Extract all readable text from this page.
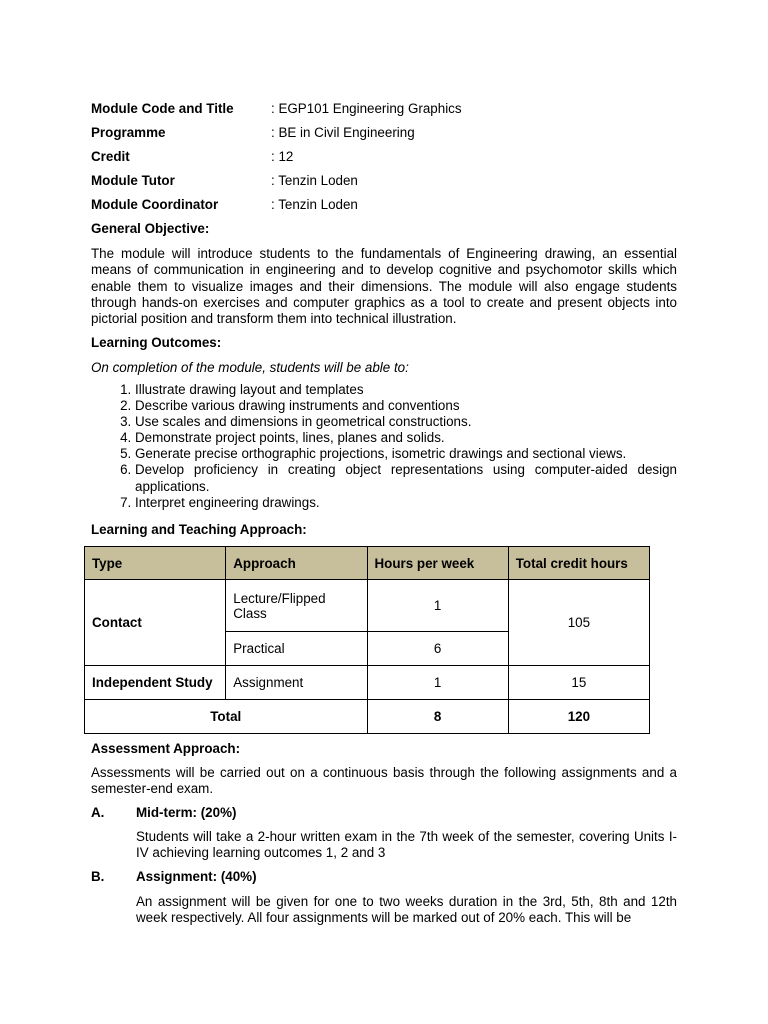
Module Code and Title	: EGP101 Engineering Graphics
Programme	: BE in Civil Engineering
Credit	: 12
Module Tutor	: Tenzin Loden
Module Coordinator	: Tenzin Loden
General Objective:
The module will introduce students to the fundamentals of Engineering drawing, an essential means of communication in engineering and to develop cognitive and psychomotor skills which enable them to visualize images and their dimensions. The module will also engage students through hands-on exercises and computer graphics as a tool to create and present objects into pictorial position and transform them into technical illustration.
Learning Outcomes:
On completion of the module, students will be able to:
1. Illustrate drawing layout and templates
2. Describe various drawing instruments and conventions
3. Use scales and dimensions in geometrical constructions.
4. Demonstrate project points, lines, planes and solids.
5. Generate precise orthographic projections, isometric drawings and sectional views.
6. Develop proficiency in creating object representations using computer-aided design applications.
7. Interpret engineering drawings.
Learning and Teaching Approach:
Type	Approach	Hours per week	Total credit hours
Contact	Lecture/Flipped Class	1	105
	Practical	6	
Independent Study	Assignment	1	15
Total		8	120
Assessment Approach:
Assessments will be carried out on a continuous basis through the following assignments and a semester-end exam.
A. Mid-term: (20%)
Students will take a 2-hour written exam in the 7th week of the semester, covering Units I-IV achieving learning outcomes 1, 2 and 3
B. Assignment: (40%)
An assignment will be given for one to two weeks duration in the 3rd, 5th, 8th and 12th week respectively. All four assignments will be marked out of 20% each. This will be
